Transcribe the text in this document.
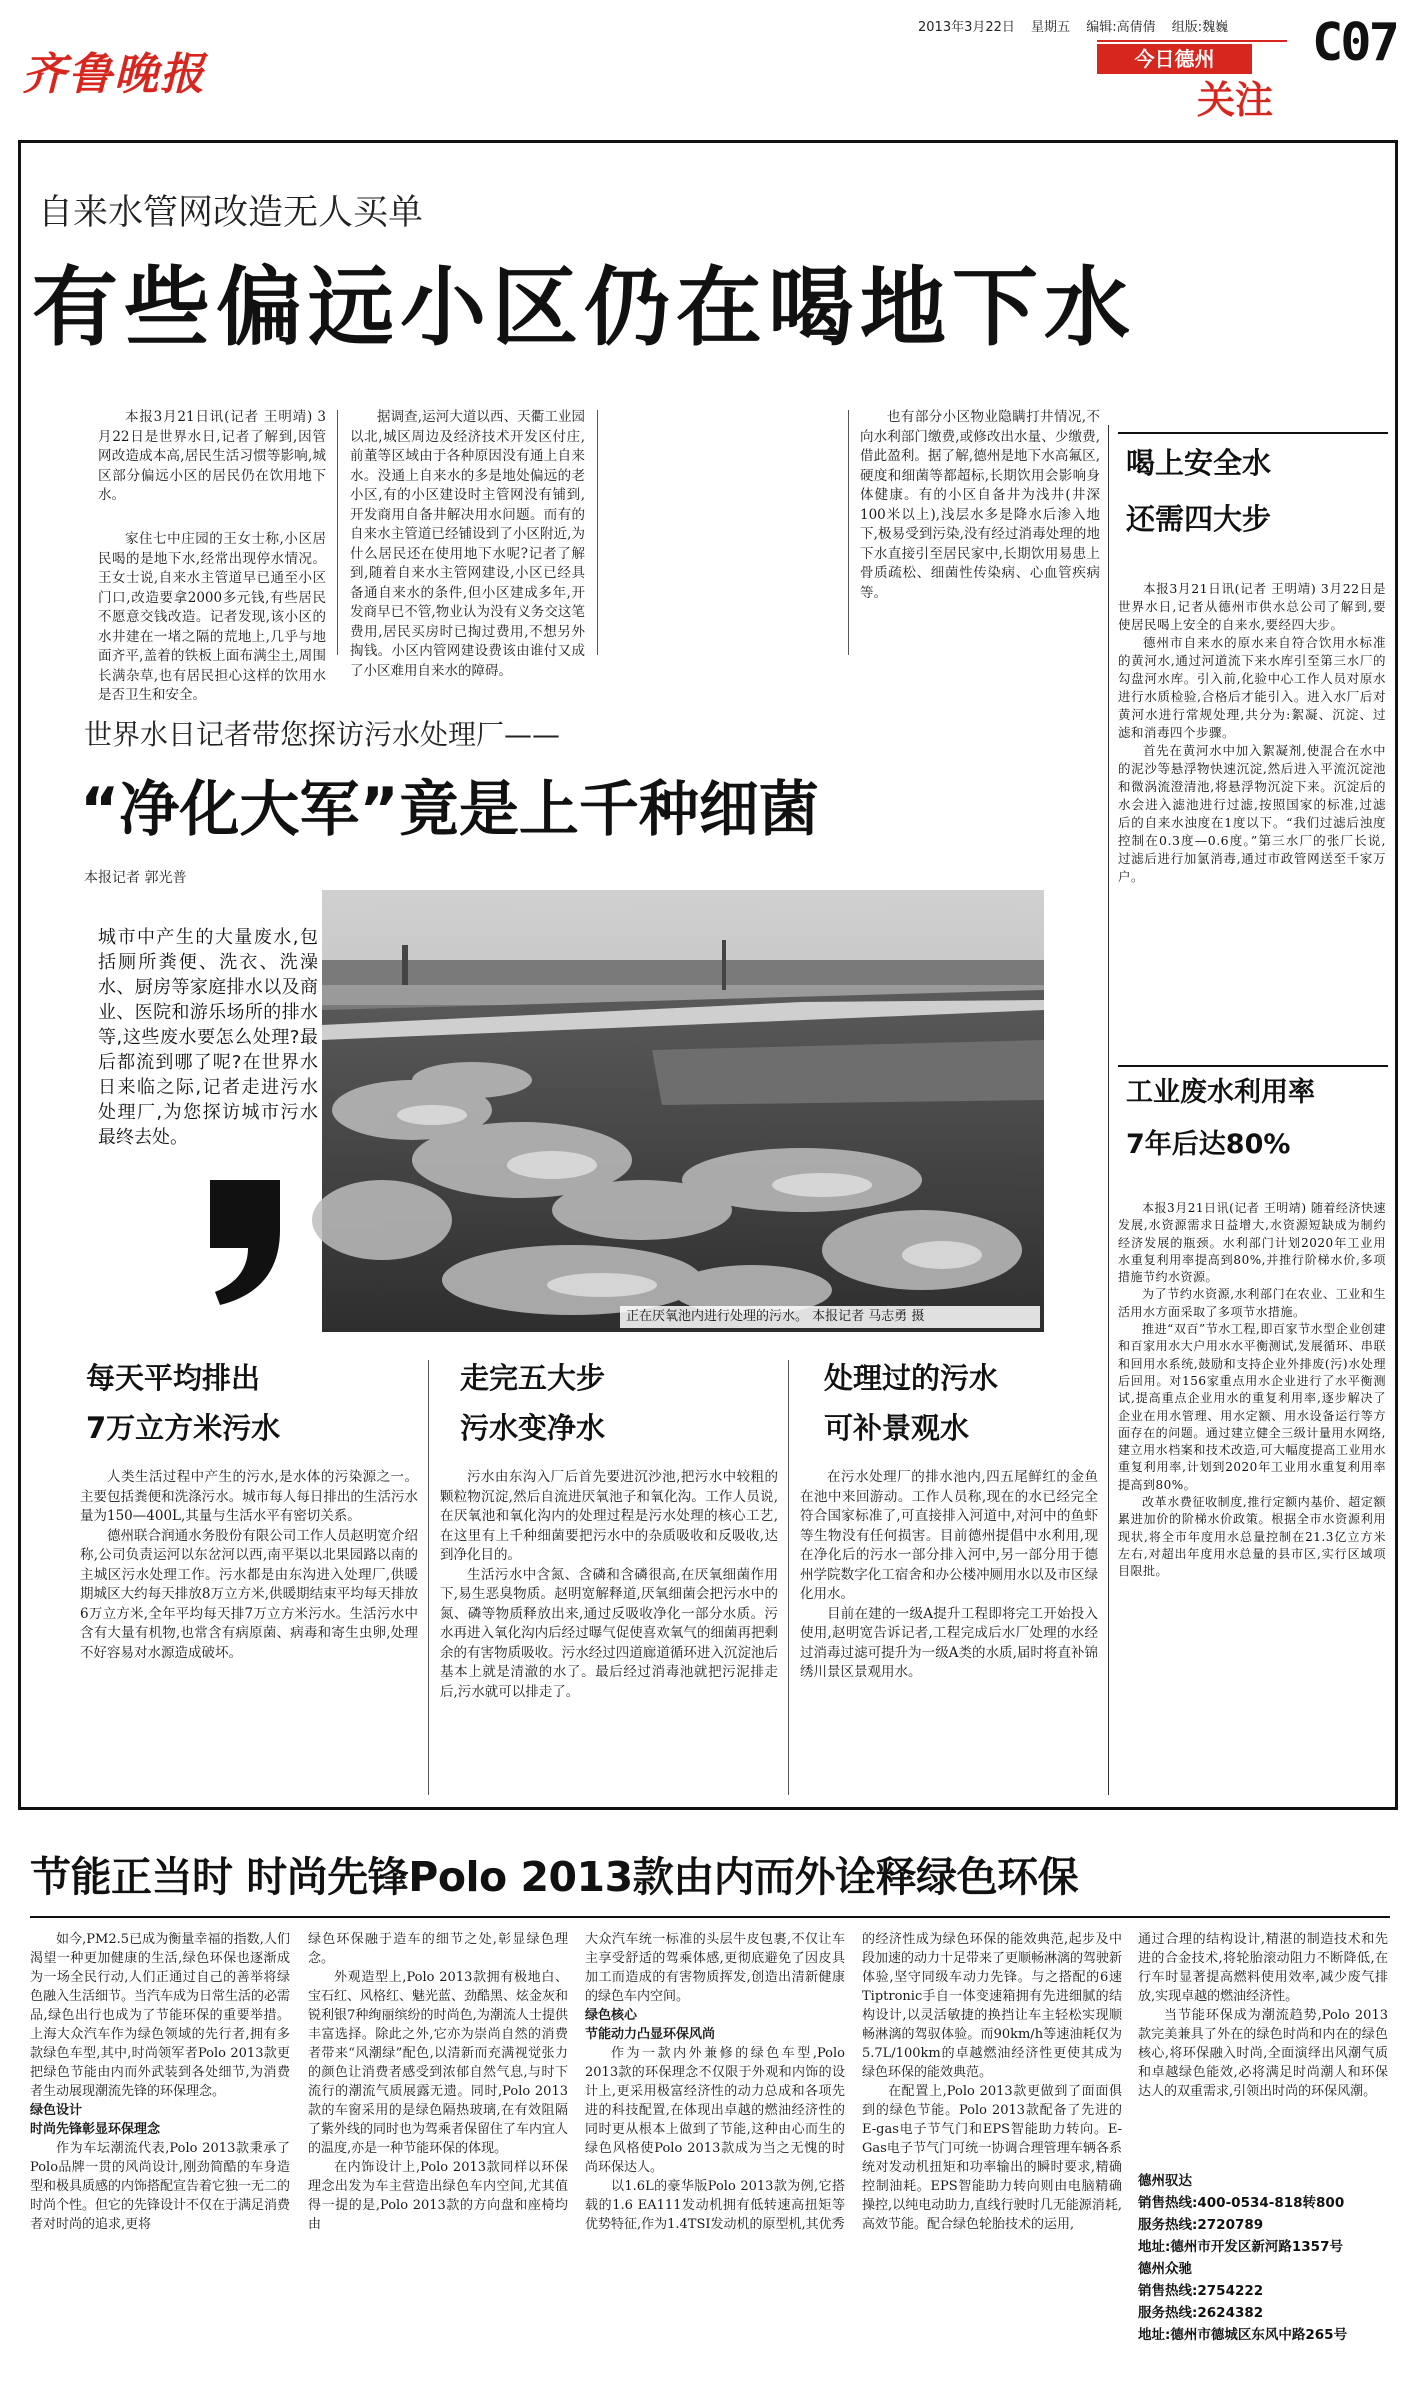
齐鲁晚报
2013年3月22日 星期五 编辑:高倩倩 组版:魏巍
今日德州	C07
关注
自来水管网改造无人买单
有些偏远小区仍在喝地下水

本报3月21日讯(记者 王明靖) 3月22日是世界水日,记者了解到,因管网改造成本高,居民生活习惯等影响,城区部分偏远小区的居民仍在饮用地下水。

家住七中庄园的王女士称,小区居民喝的是地下水,经常出现停水情况。王女士说,自来水主管道早已通至小区门口,改造要拿2000多元钱,有些居民不愿意交钱改造。记者发现,该小区的水井建在一堵之隔的荒地上,几乎与地面齐平,盖着的铁板上面布满尘土,周围长满杂草,也有居民担心这样的饮用水是否卫生和安全。

据调查,运河大道以西、天衢工业园以北,城区周边及经济技术开发区付庄,前董等区域由于各种原因没有通上自来水。没通上自来水的多是地处偏远的老小区,有的小区建设时主管网没有铺到,开发商用自备井解决用水问题。而有的自来水主管道已经铺设到了小区附近,为什么居民还在使用地下水呢?记者了解到,随着自来水主管网建设,小区已经具备通自来水的条件,但小区建成多年,开发商早已不管,物业认为没有义务交这笔费用,居民买房时已掏过费用,不想另外掏钱。小区内管网建设费该由谁付又成了小区难用自来水的障碍。

也有部分小区物业隐瞒打井情况,不向水利部门缴费,或修改出水量、少缴费,借此盈利。据了解,德州是地下水高氟区,硬度和细菌等都超标,长期饮用会影响身体健康。有的小区自备井为浅井(井深100米以上),浅层水多是降水后渗入地下,极易受到污染,没有经过消毒处理的地下水直接引至居民家中,长期饮用易患上骨质疏松、细菌性传染病、心血管疾病等。

喝上安全水
还需四大步

本报3月21日讯(记者 王明靖) 3月22日是世界水日,记者从德州市供水总公司了解到,要使居民喝上安全的自来水,要经四大步。

德州市自来水的原水来自符合饮用水标准的黄河水,通过河道流下来水库引至第三水厂的勾盘河水库。引入前,化验中心工作人员对原水进行水质检验,合格后才能引入。进入水厂后对黄河水进行常规处理,共分为:絮凝、沉淀、过滤和消毒四个步骤。

首先在黄河水中加入絮凝剂,使混合在水中的泥沙等悬浮物快速沉淀,然后进入平流沉淀池和微涡流澄清池,将悬浮物沉淀下来。沉淀后的水会进入滤池进行过滤,按照国家的标准,过滤后的自来水浊度在1度以下。“我们过滤后浊度控制在0.3度—0.6度。”第三水厂的张厂长说,过滤后进行加氯消毒,通过市政管网送至千家万户。

世界水日记者带您探访污水处理厂——
“净化大军”竟是上千种细菌
本报记者 郭光普
城市中产生的大量废水,包括厕所粪便、洗衣、洗澡水、厨房等家庭排水以及商业、医院和游乐场所的排水等,这些废水要怎么处理?最后都流到哪了呢?在世界水日来临之际,记者走进污水处理厂,为您探访城市污水最终去处。
正在厌氧池内进行处理的污水。 本报记者 马志勇 摄
每天平均排出
7万立方米污水
走完五大步
污水变净水
处理过的污水
可补景观水

人类生活过程中产生的污水,是水体的污染源之一。主要包括粪便和洗涤污水。城市每人每日排出的生活污水量为150—400L,其量与生活水平有密切关系。

德州联合润通水务股份有限公司工作人员赵明宽介绍称,公司负责运河以东岔河以西,南平渠以北果园路以南的主城区污水处理工作。污水都是由东沟进入处理厂,供暖期城区大约每天排放8万立方米,供暖期结束平均每天排放6万立方米,全年平均每天排7万立方米污水。生活污水中含有大量有机物,也常含有病原菌、病毒和寄生虫卵,处理不好容易对水源造成破坏。

污水由东沟入厂后首先要进沉沙池,把污水中较粗的颗粒物沉淀,然后自流进厌氧池子和氧化沟。工作人员说,在厌氧池和氧化沟内的处理过程是污水处理的核心工艺,在这里有上千种细菌要把污水中的杂质吸收和反吸收,达到净化目的。

生活污水中含氮、含磷和含磷很高,在厌氧细菌作用下,易生恶臭物质。赵明宽解释道,厌氧细菌会把污水中的氮、磷等物质释放出来,通过反吸收净化一部分水质。污水再进入氧化沟内后经过曝气促使喜欢氧气的细菌再把剩余的有害物质吸收。污水经过四道廊道循环进入沉淀池后基本上就是清澈的水了。最后经过消毒池就把污泥排走后,污水就可以排走了。

在污水处理厂的排水池内,四五尾鲜红的金鱼在池中来回游动。工作人员称,现在的水已经完全符合国家标准了,可直接排入河道中,对河中的鱼虾等生物没有任何损害。目前德州提倡中水利用,现在净化后的污水一部分排入河中,另一部分用于德州学院数字化工宿舍和办公楼冲厕用水以及市区绿化用水。

目前在建的一级A提升工程即将完工开始投入使用,赵明宽告诉记者,工程完成后水厂处理的水经过消毒过滤可提升为一级A类的水质,届时将直补锦绣川景区景观用水。

工业废水利用率
7年后达80%

本报3月21日讯(记者 王明靖) 随着经济快速发展,水资源需求日益增大,水资源短缺成为制约经济发展的瓶颈。水利部门计划2020年工业用水重复利用率提高到80%,并推行阶梯水价,多项措施节约水资源。

为了节约水资源,水利部门在农业、工业和生活用水方面采取了多项节水措施。

推进“双百”节水工程,即百家节水型企业创建和百家用水大户用水水平衡测试,发展循环、串联和回用水系统,鼓励和支持企业外排废(污)水处理后回用。对156家重点用水企业进行了水平衡测试,提高重点企业用水的重复利用率,逐步解决了企业在用水管理、用水定额、用水设备运行等方面存在的问题。通过建立健全三级计量用水网络,建立用水档案和技术改造,可大幅度提高工业用水重复利用率,计划到2020年工业用水重复利用率提高到80%。

改革水费征收制度,推行定额内基价、超定额累进加价的阶梯水价政策。根据全市水资源利用现状,将全市年度用水总量控制在21.3亿立方米左右,对超出年度用水总量的县市区,实行区域项目限批。

节能正当时 时尚先锋Polo 2013款由内而外诠释绿色环保

如今,PM2.5已成为衡量幸福的指数,人们渴望一种更加健康的生活,绿色环保也逐渐成为一场全民行动,人们正通过自己的善举将绿色融入生活细节。当汽车成为日常生活的必需品,绿色出行也成为了节能环保的重要举措。上海大众汽车作为绿色领域的先行者,拥有多款绿色车型,其中,时尚领军者Polo 2013款更把绿色节能由内而外武装到各处细节,为消费者生动展现潮流先锋的环保理念。

绿色设计

时尚先锋彰显环保理念

作为车坛潮流代表,Polo 2013款秉承了Polo品牌一贯的风尚设计,刚劲简酷的车身造型和极具质感的内饰搭配宣告着它独一无二的时尚个性。但它的先锋设计不仅在于满足消费者对时尚的追求,更将

绿色环保融于造车的细节之处,彰显绿色理念。

外观造型上,Polo 2013款拥有极地白、宝石红、风格红、魅光蓝、劲酷黑、炫金灰和锐利银7种绚丽缤纷的时尚色,为潮流人士提供丰富选择。除此之外,它亦为崇尚自然的消费者带来“风潮绿”配色,以清新而充满视觉张力的颜色让消费者感受到浓郁自然气息,与时下流行的潮流气质展露无遗。同时,Polo 2013款的车窗采用的是绿色隔热玻璃,在有效阻隔了紫外线的同时也为驾乘者保留住了车内宜人的温度,亦是一种节能环保的体现。

在内饰设计上,Polo 2013款同样以环保理念出发为车主营造出绿色车内空间,尤其值得一提的是,Polo 2013款的方向盘和座椅均由

大众汽车统一标准的头层牛皮包裹,不仅让车主享受舒适的驾乘体感,更彻底避免了因皮具加工而造成的有害物质挥发,创造出清新健康的绿色车内空间。

绿色核心

节能动力凸显环保风尚

作为一款内外兼修的绿色车型,Polo 2013款的环保理念不仅限于外观和内饰的设计上,更采用极富经济性的动力总成和各项先进的科技配置,在体现出卓越的燃油经济性的同时更从根本上做到了节能,这种由心而生的绿色风格使Polo 2013款成为当之无愧的时尚环保达人。

以1.6L的豪华版Polo 2013款为例,它搭载的1.6 EA111发动机拥有低转速高扭矩等优势特征,作为1.4TSI发动机的原型机,其优秀

的经济性成为绿色环保的能效典范,起步及中段加速的动力十足带来了更顺畅淋漓的驾驶新体验,坚守同级车动力先锋。与之搭配的6速Tiptronic手自一体变速箱拥有先进细腻的结构设计,以灵活敏捷的换挡让车主轻松实现顺畅淋漓的驾驭体验。而90km/h等速油耗仅为5.7L/100km的卓越燃油经济性更使其成为绿色环保的能效典范。

在配置上,Polo 2013款更做到了面面俱到的绿色节能。Polo 2013款配备了先进的E-gas电子节气门和EPS智能助力转向。E-Gas电子节气门可统一协调合理管理车辆各系统对发动机扭矩和功率输出的瞬时要求,精确控制油耗。EPS智能助力转向则由电脑精确操控,以纯电动助力,直线行驶时几无能源消耗,高效节能。配合绿色轮胎技术的运用,

通过合理的结构设计,精湛的制造技术和先进的合金技术,将轮胎滚动阻力不断降低,在行车时显著提高燃料使用效率,减少废气排放,实现卓越的燃油经济性。

当节能环保成为潮流趋势,Polo 2013款完美兼具了外在的绿色时尚和内在的绿色核心,将环保融入时尚,全面演绎出风潮气质和卓越绿色能效,必将满足时尚潮人和环保达人的双重需求,引领出时尚的环保风潮。

德州驭达
销售热线:400-0534-818转800
服务热线:2720789
地址:德州市开发区新河路1357号
德州众驰
销售热线:2754222
服务热线:2624382
地址:德州市德城区东风中路265号
